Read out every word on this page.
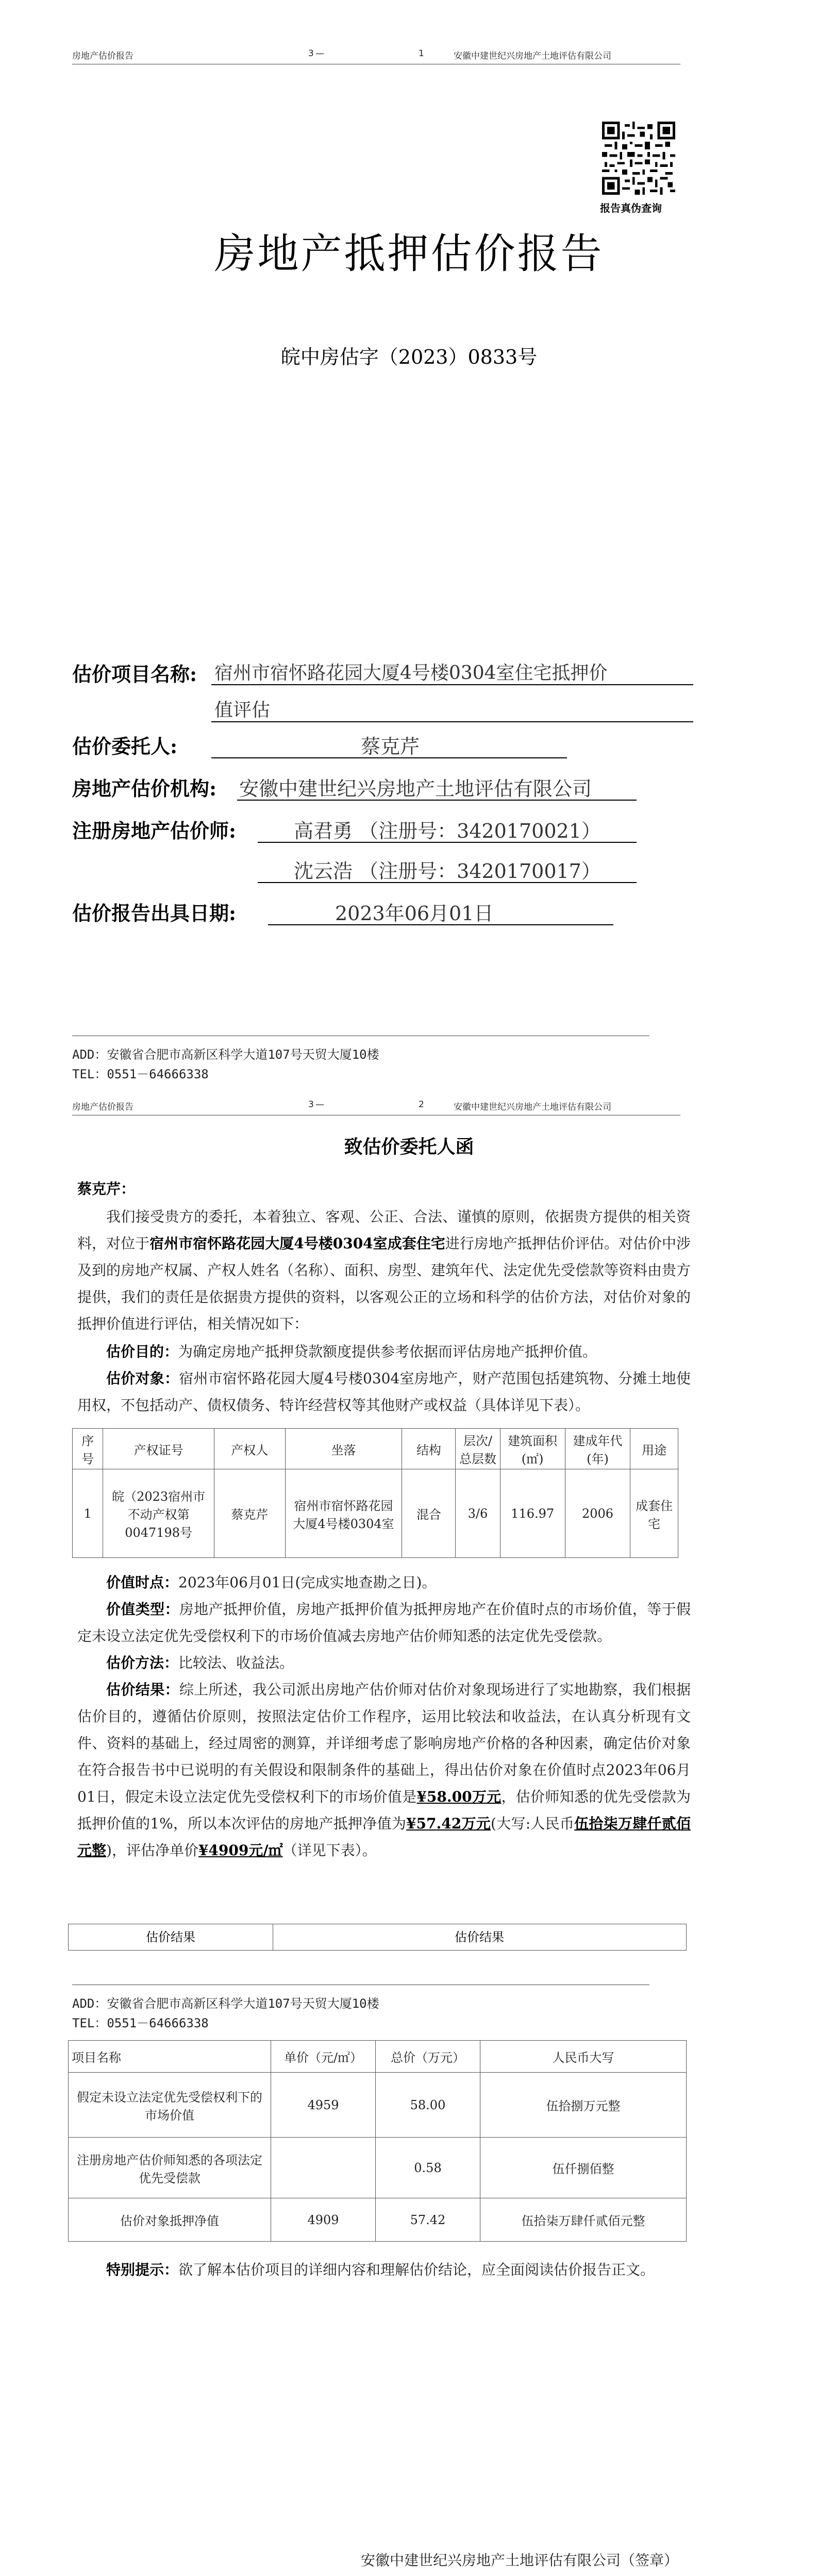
房地产估价报告	3 —	1	安徽中建世纪兴房地产土地评估有限公司
报告真伪查询
房地产抵押估价报告
皖中房估字（2023）0833号
估价项目名称: 宿州市宿怀路花园大厦4号楼0304室住宅抵押价
值评估
估价委托人:	蔡克芹
房地产估价机构: 安徽中建世纪兴房地产土地评估有限公司
注册房地产估价师:	高君勇 （注册号：3420170021）
沈云浩 （注册号：3420170017）
估价报告出具日期:	2023年06月01日
ADD：安徽省合肥市高新区科学大道107号天贸大厦10楼
TEL：0551－64666338
房地产估价报告	3 —	2	安徽中建世纪兴房地产土地评估有限公司
致估价委托人函
蔡克芹：
我们接受贵方的委托，本着独立、客观、公正、合法、谨慎的原则，依据贵方提供的相关资料，对位于宿州市宿怀路花园大厦4号楼0304室成套住宅进行房地产抵押估价评估。对估价中涉及到的房地产权属、产权人姓名（名称）、面积、房型、建筑年代、法定优先受偿款等资料由贵方提供，我们的责任是依据贵方提供的资料，以客观公正的立场和科学的估价方法，对估价对象的抵押价值进行评估，相关情况如下：
估价目的：为确定房地产抵押贷款额度提供参考依据而评估房地产抵押价值。
估价对象：宿州市宿怀路花园大厦4号楼0304室房地产，财产范围包括建筑物、分摊土地使用权，不包括动产、债权债务、特许经营权等其他财产或权益（具体详见下表）。
序号	产权证号	产权人	坐落	结构	层次/总层数	建筑面积(㎡)	建成年代(年)	用途
1	皖（2023宿州市不动产权第0047198号	蔡克芹	宿州市宿怀路花园大厦4号楼0304室	混合	3/6	116.97	2006	成套住宅
价值时点：2023年06月01日(完成实地查勘之日)。
价值类型：房地产抵押价值，房地产抵押价值为抵押房地产在价值时点的市场价值，等于假定未设立法定优先受偿权利下的市场价值减去房地产估价师知悉的法定优先受偿款。
估价方法：比较法、收益法。
估价结果：综上所述，我公司派出房地产估价师对估价对象现场进行了实地勘察，我们根据估价目的，遵循估价原则，按照法定估价工作程序，运用比较法和收益法，在认真分析现有文件、资料的基础上，经过周密的测算，并详细考虑了影响房地产价格的各种因素，确定估价对象在符合报告书中已说明的有关假设和限制条件的基础上，得出估价对象在价值时点2023年06月01日，假定未设立法定优先受偿权利下的市场价值是¥58.00万元，估价师知悉的优先受偿款为抵押价值的1%，所以本次评估的房地产抵押净值为¥57.42万元(大写:人民币伍拾柒万肆仟贰佰元整)，评估净单价¥4909元/㎡（详见下表）。
估价结果	估价结果
ADD：安徽省合肥市高新区科学大道107号天贸大厦10楼
TEL：0551－64666338
项目名称	单价（元/㎡）	总价（万元）	人民币大写
假定未设立法定优先受偿权利下的市场价值	4959	58.00	伍拾捌万元整
注册房地产估价师知悉的各项法定优先受偿款		0.58	伍仟捌佰整
估价对象抵押净值	4909	57.42	伍拾柒万肆仟贰佰元整
特别提示：欲了解本估价项目的详细内容和理解估价结论，应全面阅读估价报告正文。
安徽中建世纪兴房地产土地评估有限公司（签章）
